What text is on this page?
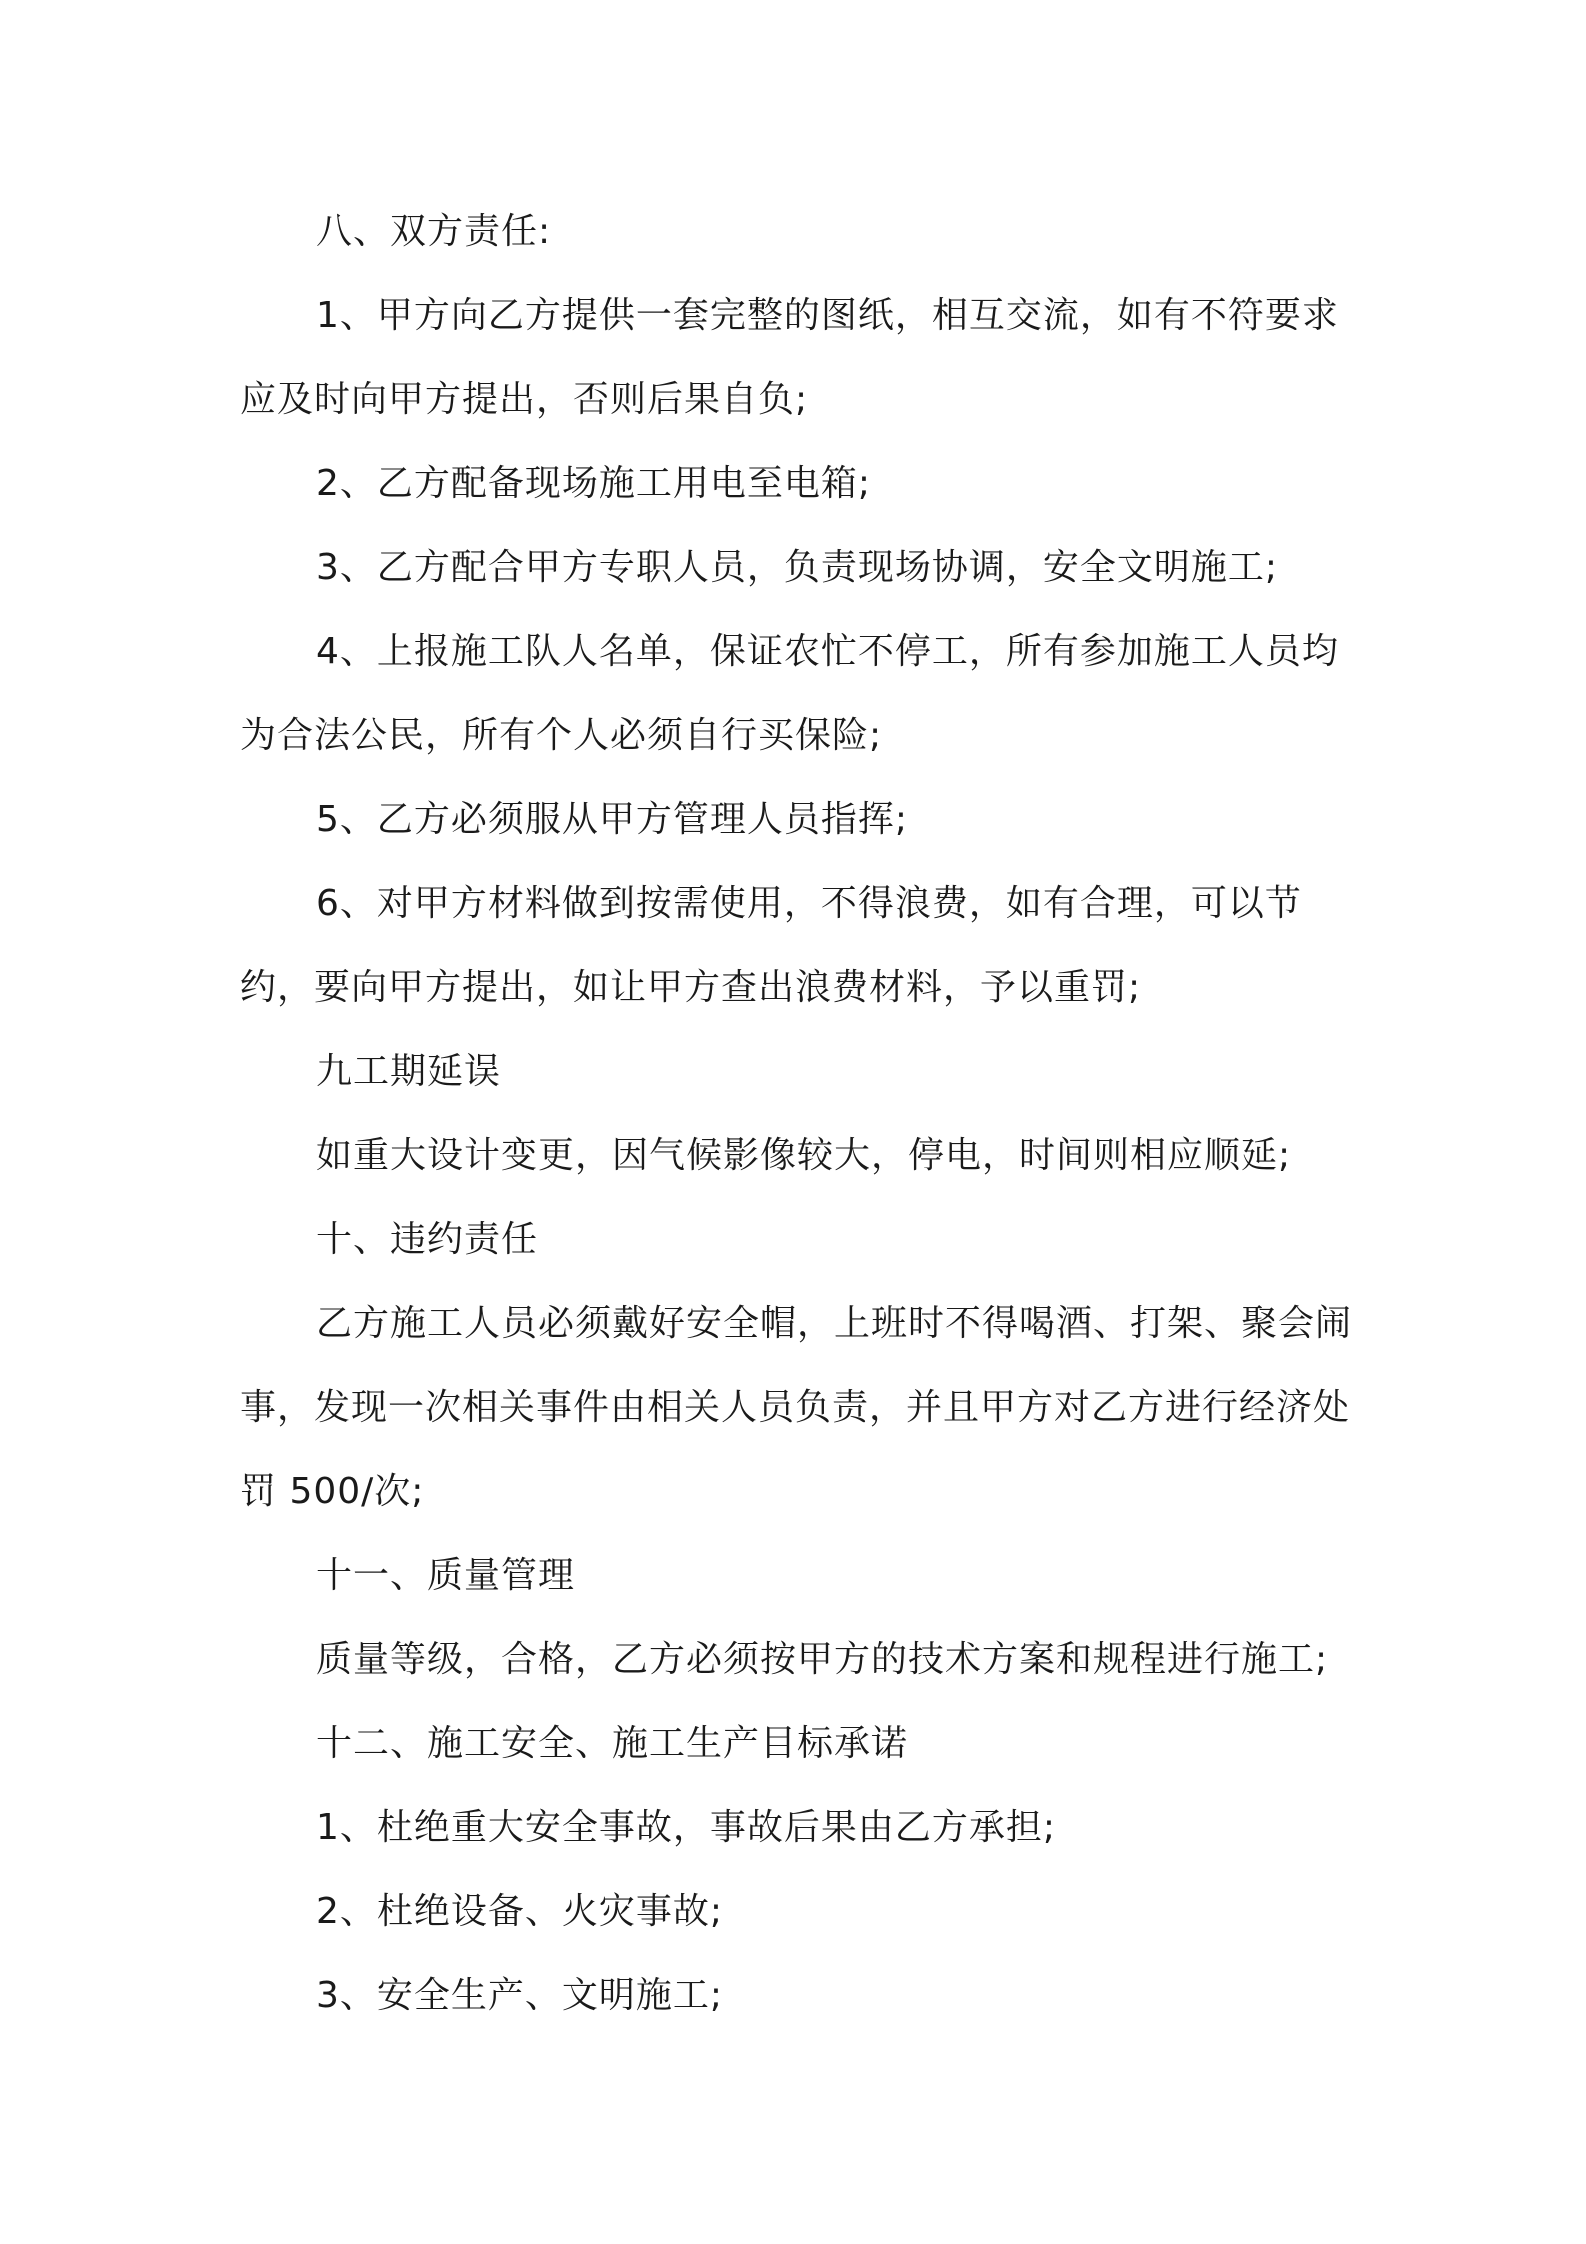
八、双方责任:

1、甲方向乙方提供一套完整的图纸，相互交流，如有不符要求应及时向甲方提出，否则后果自负;

2、乙方配备现场施工用电至电箱;

3、乙方配合甲方专职人员，负责现场协调，安全文明施工;

4、上报施工队人名单，保证农忙不停工，所有参加施工人员均为合法公民，所有个人必须自行买保险;

5、乙方必须服从甲方管理人员指挥;

6、对甲方材料做到按需使用，不得浪费，如有合理，可以节约，要向甲方提出，如让甲方查出浪费材料，予以重罚;

九工期延误

如重大设计变更，因气候影像较大，停电，时间则相应顺延;

十、违约责任

乙方施工人员必须戴好安全帽，上班时不得喝酒、打架、聚会闹事，发现一次相关事件由相关人员负责，并且甲方对乙方进行经济处罚 500/次;

十一、质量管理

质量等级，合格，乙方必须按甲方的技术方案和规程进行施工;

十二、施工安全、施工生产目标承诺

1、杜绝重大安全事故，事故后果由乙方承担;

2、杜绝设备、火灾事故;

3、安全生产、文明施工;
